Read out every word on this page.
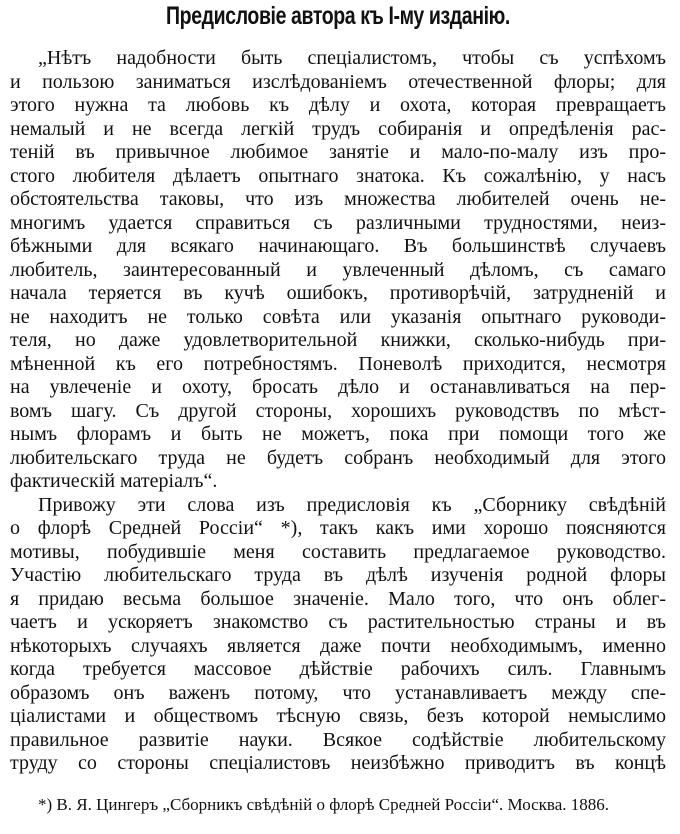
Предисловіе автора къ I-му изданію.
„Нѣтъ надобности быть спеціалистомъ, чтобы съ успѣхомъ
и пользою заниматься изслѣдованіемъ отечественной флоры; для
этого нужна та любовь къ дѣлу и охота, которая превращаетъ
немалый и не всегда легкій трудъ собиранія и опредѣленія рас-
теній въ привычное любимое занятіе и мало-по-малу изъ про-
стого любителя дѣлаетъ опытнаго знатока. Къ сожалѣнію, у насъ
обстоятельства таковы, что изъ множества любителей очень не-
многимъ удается справиться съ различными трудностями, неиз-
бѣжными для всякаго начинающаго. Въ большинствѣ случаевъ
любитель, заинтересованный и увлеченный дѣломъ, съ самаго
начала теряется въ кучѣ ошибокъ, противорѣчій, затрудненій и
не находитъ не только совѣта или указанія опытнаго руководи-
теля, но даже удовлетворительной книжки, сколько-нибудь при-
мѣненной къ его потребностямъ. Поневолѣ приходится, несмотря
на увлеченіе и охоту, бросать дѣло и останавливаться на пер-
вомъ шагу. Съ другой стороны, хорошихъ руководствъ по мѣст-
нымъ флорамъ и быть не можетъ, пока при помощи того же
любительскаго труда не будетъ собранъ необходимый для этого
фактическій матеріалъ“.
Привожу эти слова изъ предисловія къ „Сборнику свѣдѣній
о флорѣ Средней Россіи“ *), такъ какъ ими хорошо поясняются
мотивы, побудившіе меня составить предлагаемое руководство.
Участію любительскаго труда въ дѣлѣ изученія родной флоры
я придаю весьма большое значеніе. Мало того, что онъ облег-
чаетъ и ускоряетъ знакомство съ растительностью страны и въ
нѣкоторыхъ случаяхъ является даже почти необходимымъ, именно
когда требуется массовое дѣйствіе рабочихъ силъ. Главнымъ
образомъ онъ важенъ потому, что устанавливаетъ между спе-
ціалистами и обществомъ тѣсную связь, безъ которой немыслимо
правильное развитіе науки. Всякое содѣйствіе любительскому
труду со стороны спеціалистовъ неизбѣжно приводитъ въ концѣ
*) В. Я. Цингеръ „Сборникъ свѣдѣній о флорѣ Средней Россіи“. Москва. 1886.
